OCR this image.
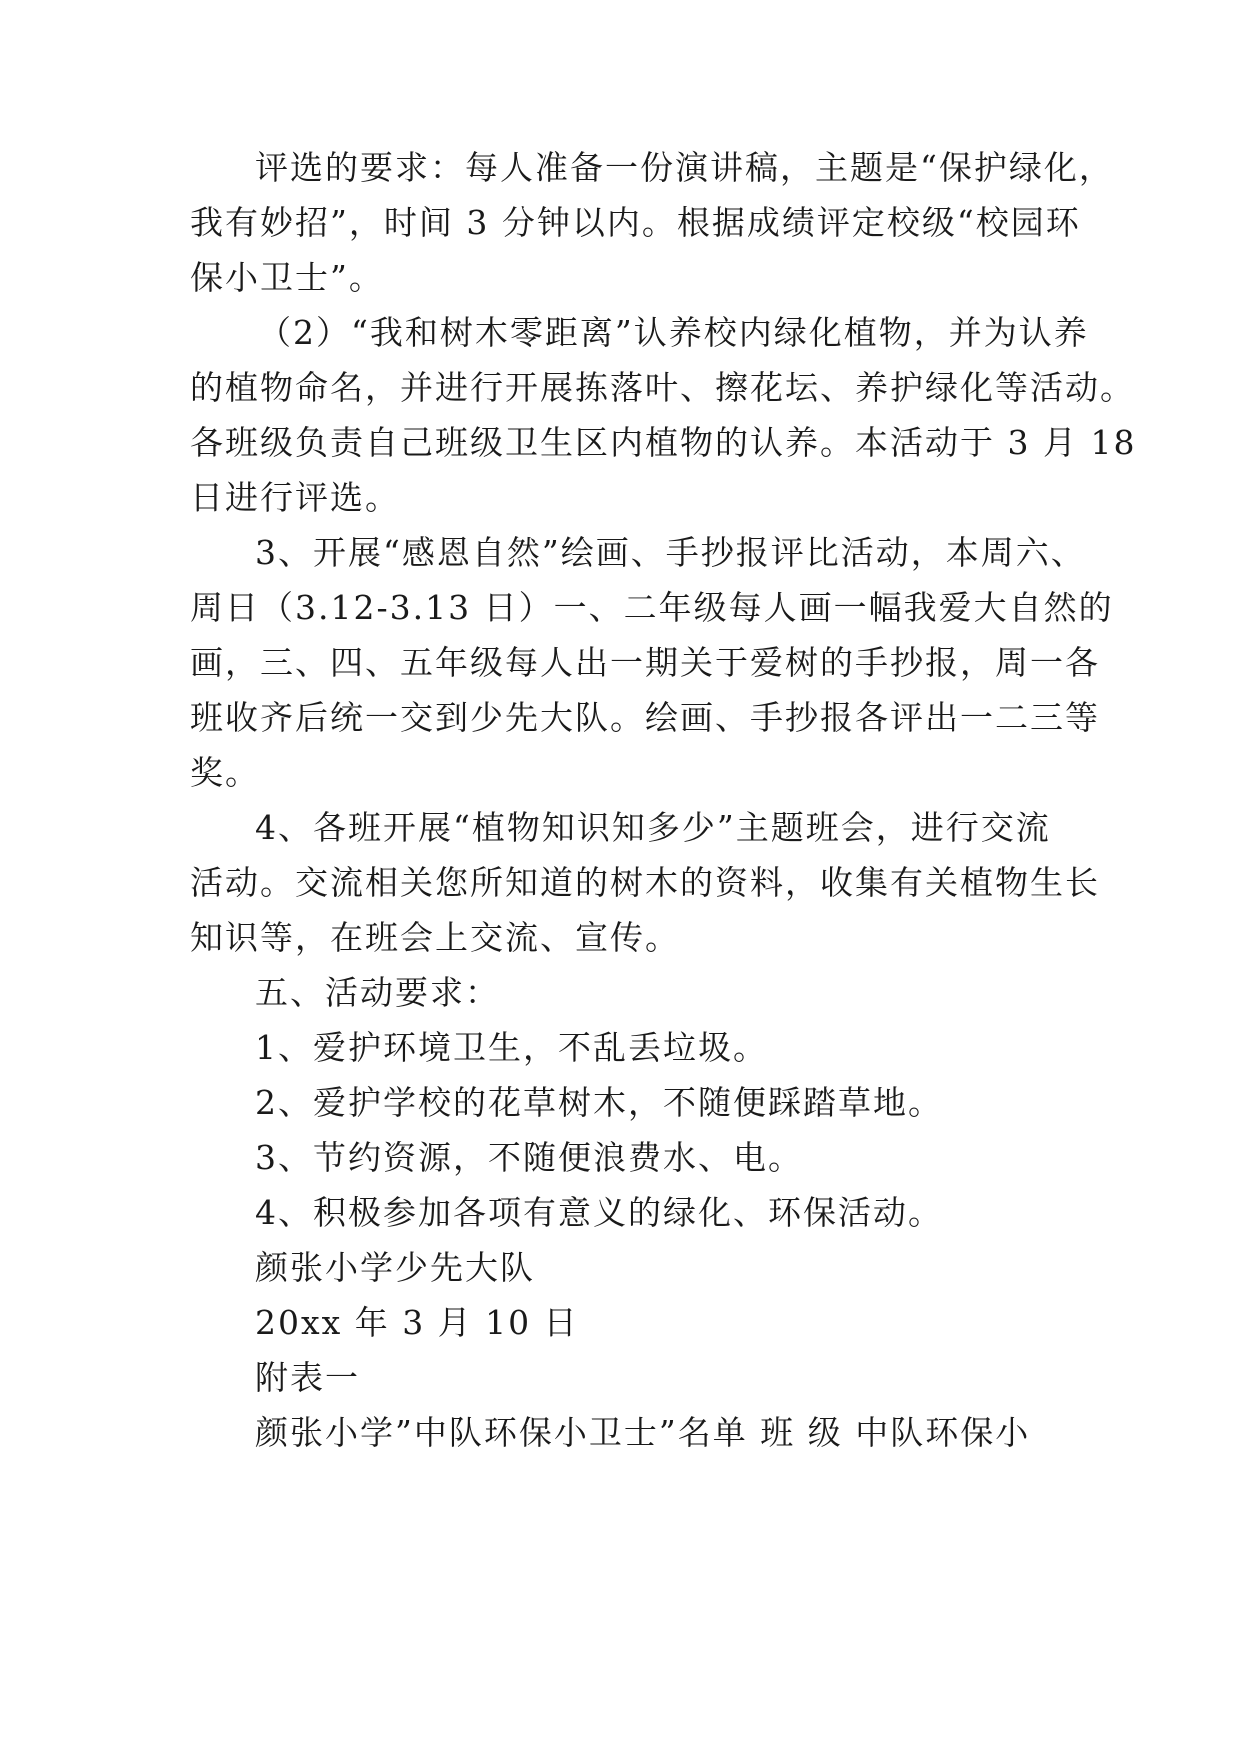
评选的要求：每人准备一份演讲稿，主题是“保护绿化，
我有妙招”，时间 3 分钟以内。根据成绩评定校级“校园环
保小卫士”。
（2）“我和树木零距离”认养校内绿化植物，并为认养
的植物命名，并进行开展拣落叶、擦花坛、养护绿化等活动。
各班级负责自己班级卫生区内植物的认养。本活动于 3 月 18
日进行评选。
3、开展“感恩自然”绘画、手抄报评比活动，本周六、
周日（3.12-3.13 日）一、二年级每人画一幅我爱大自然的
画，三、四、五年级每人出一期关于爱树的手抄报，周一各
班收齐后统一交到少先大队。绘画、手抄报各评出一二三等
奖。
4、各班开展“植物知识知多少”主题班会，进行交流
活动。交流相关您所知道的树木的资料，收集有关植物生长
知识等，在班会上交流、宣传。
五、活动要求：
1、爱护环境卫生，不乱丢垃圾。
2、爱护学校的花草树木，不随便踩踏草地。
3、节约资源，不随便浪费水、电。
4、积极参加各项有意义的绿化、环保活动。
颜张小学少先大队
20xx 年 3 月 10 日
附表一
颜张小学”中队环保小卫士”名单 班 级 中队环保小
